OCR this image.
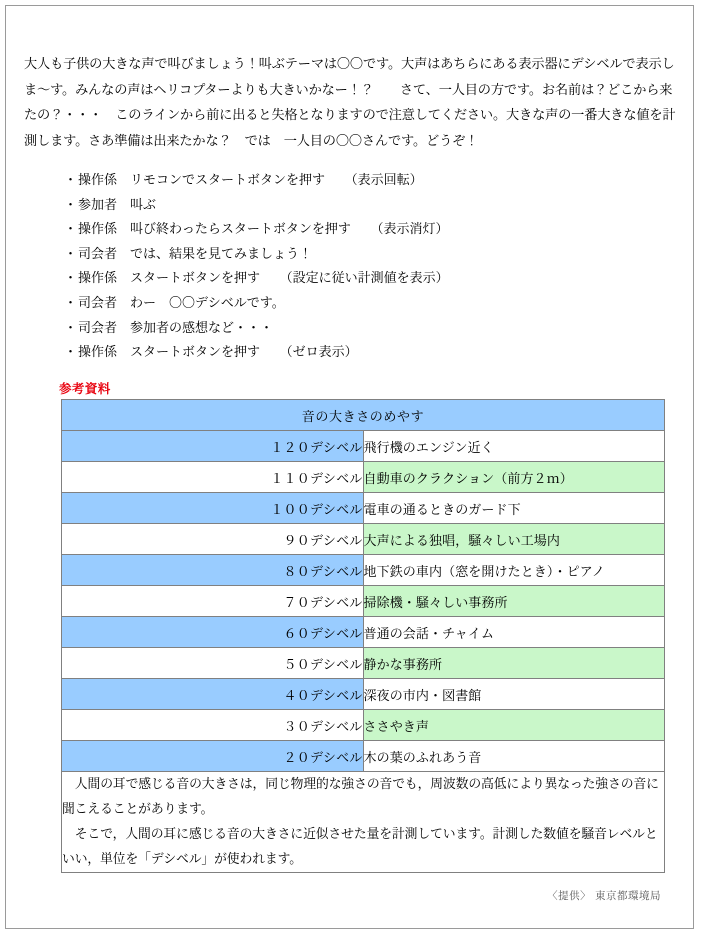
大人も子供の大きな声で叫びましょう！叫ぶテーマは〇〇です。大声はあちらにある表示器にデシベルで表示しま〜す。みんなの声はヘリコプターよりも大きいかなー！？　　さて、一人目の方です。お名前は？どこから来たの？・・・　このラインから前に出ると失格となりますので注意してください。大きな声の一番大きな値を計測します。さあ準備は出来たかな？　では　一人目の〇〇さんです。どうぞ！

・操作係　 リモコンでスタートボタンを押す　　 （表示回転）
・参加者　 叫ぶ
・操作係　 叫び終わったらスタートボタンを押す　　 （表示消灯）
・司会者　 では、結果を見てみましょう！
・操作係　 スタートボタンを押す　　 （設定に従い計測値を表示）
・司会者　 わー　〇〇デシベルです。
・司会者　 参加者の感想など・・・
・操作係　 スタートボタンを押す　　 （ゼロ表示）
参考資料
音の大きさのめやす	
１２０デシベル	飛行機のエンジン近く
１１０デシベル	自動車のクラクション（前方２ｍ）
１００デシベル	電車の通るときのガード下
９０デシベル	大声による独唱，騒々しい工場内
８０デシベル	地下鉄の車内（窓を開けたとき）・ピアノ
７０デシベル	掃除機・騒々しい事務所
６０デシベル	普通の会話・チャイム
５０デシベル	静かな事務所
４０デシベル	深夜の市内・図書館
３０デシベル	ささやき声
２０デシベル	木の葉のふれあう音

人間の耳で感じる音の大きさは，同じ物理的な強さの音でも，周波数の高低により異なった強さの音に聞こえることがあります。

そこで，人間の耳に感じる音の大きさに近似させた量を計測しています。計測した数値を騒音レベルといい，単位を「デシベル」が使われます。	

〈提供〉 東京都環境局
